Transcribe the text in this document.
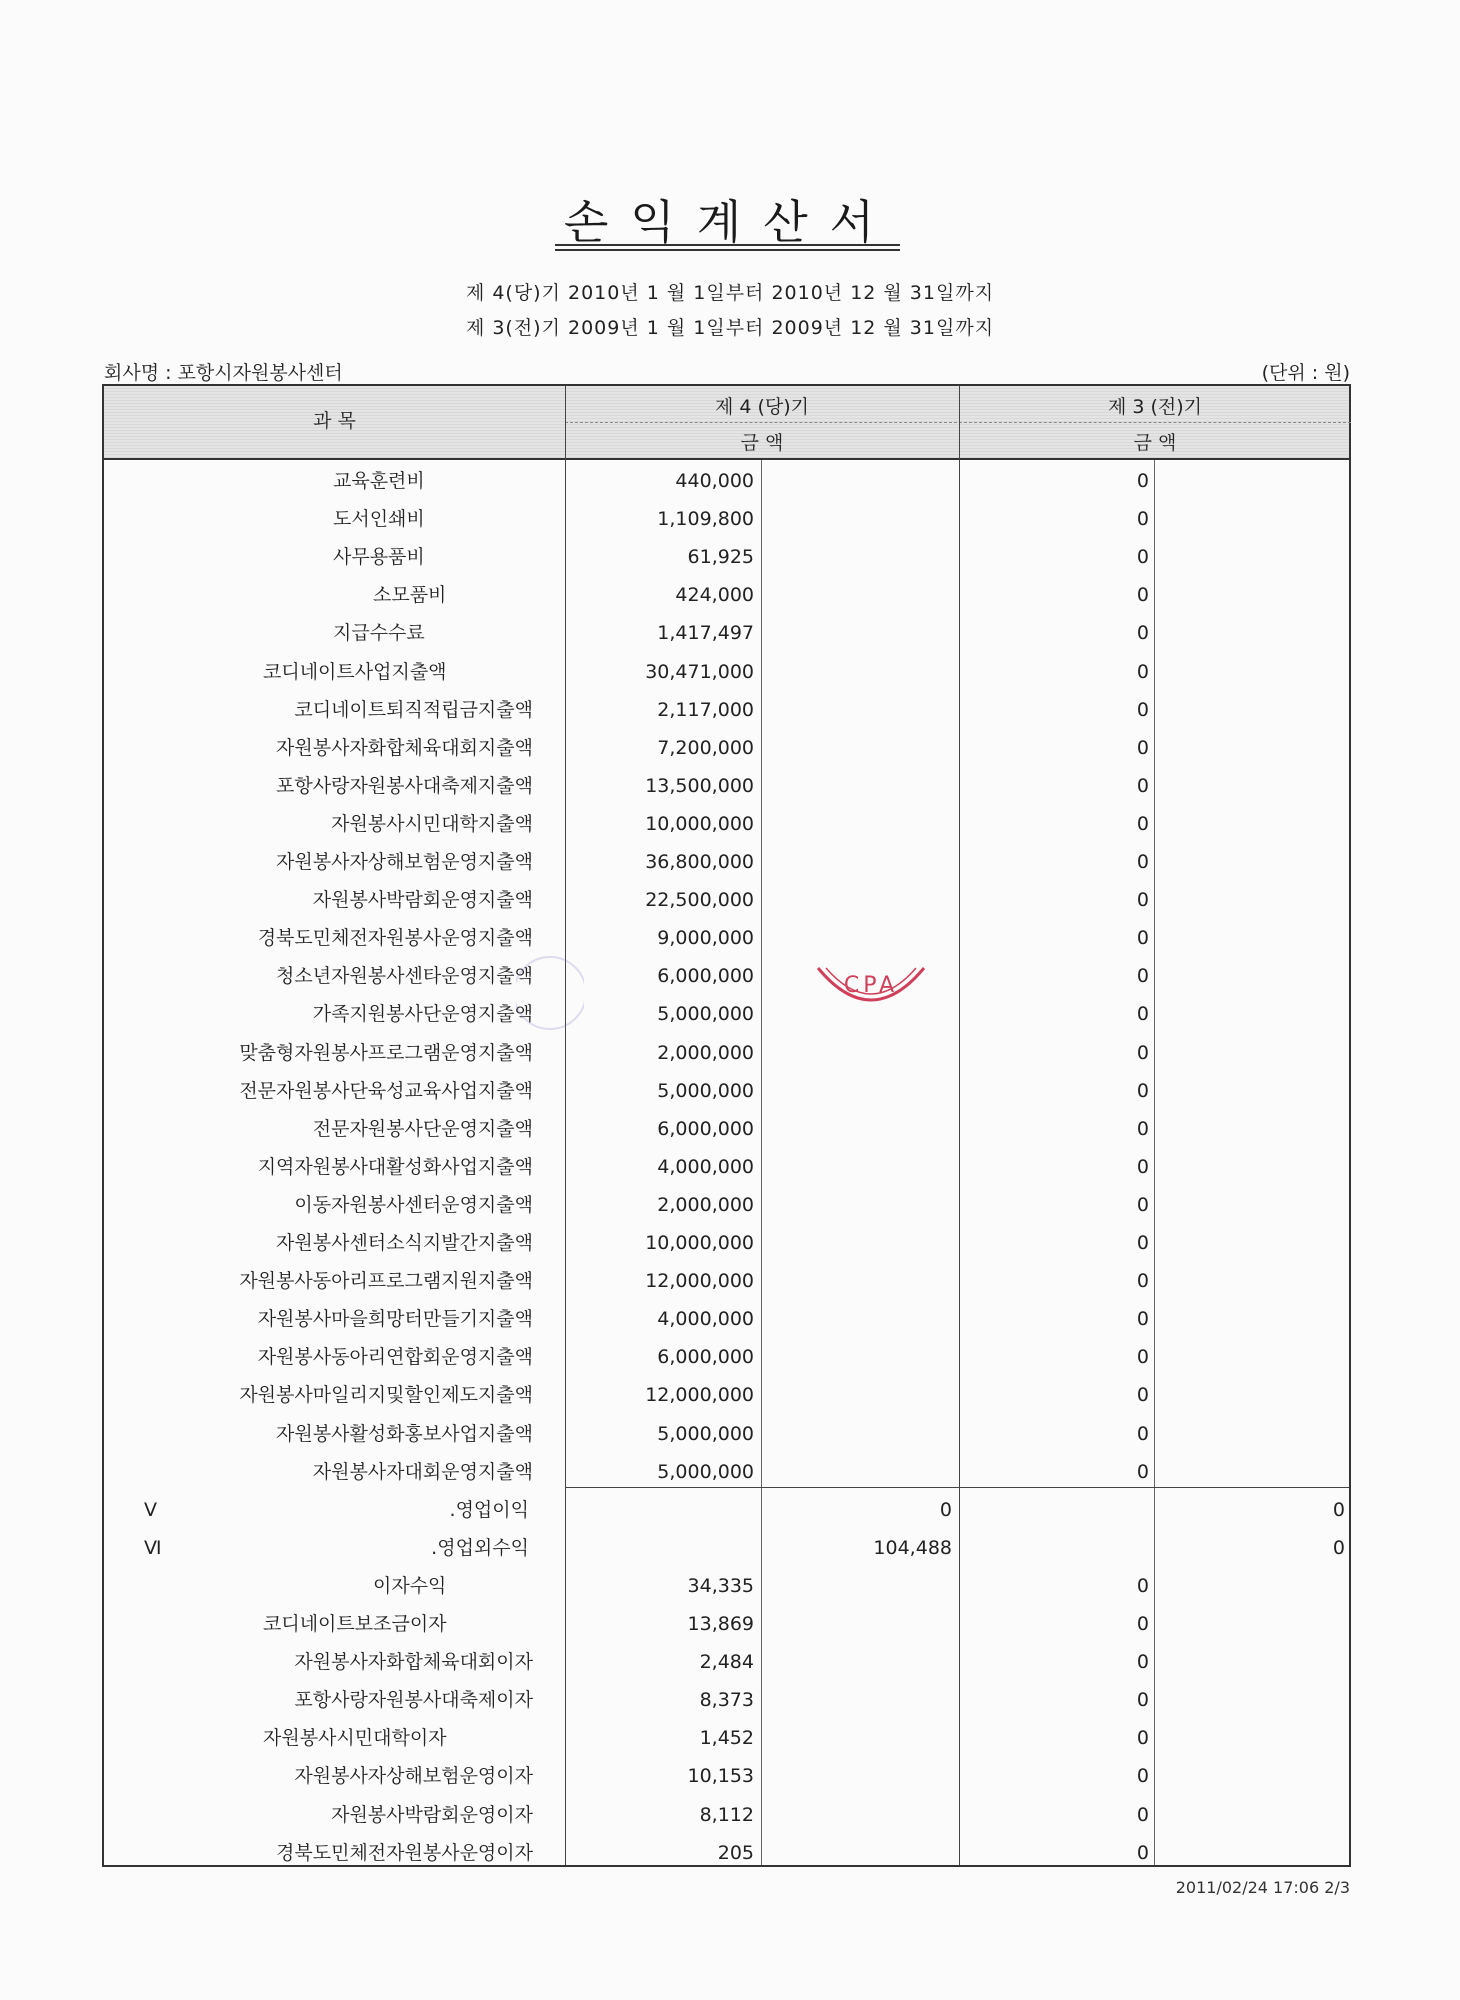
손익계산서
제 4(당)기 2010년 1 월 1일부터 2010년 12 월 31일까지
제 3(전)기 2009년 1 월 1일부터 2009년 12 월 31일까지
회사명 : 포항시자원봉사센터	(단위 : 원)
과 목
제 4 (당)기	제 3 (전)기
금 액	금 액
교육훈련비	440,000	0
도서인쇄비	1,109,800	0
사무용품비	61,925	0
소모품비	424,000	0
지급수수료	1,417,497	0
코디네이트사업지출액	30,471,000	0
코디네이트퇴직적립금지출액	2,117,000	0
자원봉사자화합체육대회지출액	7,200,000	0
포항사랑자원봉사대축제지출액	13,500,000	0
자원봉사시민대학지출액	10,000,000	0
자원봉사자상해보험운영지출액	36,800,000	0
자원봉사박람회운영지출액	22,500,000	0
경북도민체전자원봉사운영지출액	9,000,000	0
청소년자원봉사센타운영지출액	6,000,000	0
가족지원봉사단운영지출액	5,000,000	0
맞춤형자원봉사프로그램운영지출액	2,000,000	0
전문자원봉사단육성교육사업지출액	5,000,000	0
전문자원봉사단운영지출액	6,000,000	0
지역자원봉사대활성화사업지출액	4,000,000	0
이동자원봉사센터운영지출액	2,000,000	0
자원봉사센터소식지발간지출액	10,000,000	0
자원봉사동아리프로그램지원지출액	12,000,000	0
자원봉사마을희망터만들기지출액	4,000,000	0
자원봉사동아리연합회운영지출액	6,000,000	0
자원봉사마일리지및할인제도지출액	12,000,000	0
자원봉사활성화홍보사업지출액	5,000,000	0
자원봉사자대회운영지출액	5,000,000	0
Ⅴ.영업이익	0	0
Ⅵ.영업외수익	104,488	0
이자수익	34,335	0
코디네이트보조금이자	13,869	0
자원봉사자화합체육대회이자	2,484	0
포항사랑자원봉사대축제이자	8,373	0
자원봉사시민대학이자	1,452	0
자원봉사자상해보험운영이자	10,153	0
자원봉사박람회운영이자	8,112	0
경북도민체전자원봉사운영이자	205	0
2011/02/24 17:06 2/3
CPA
